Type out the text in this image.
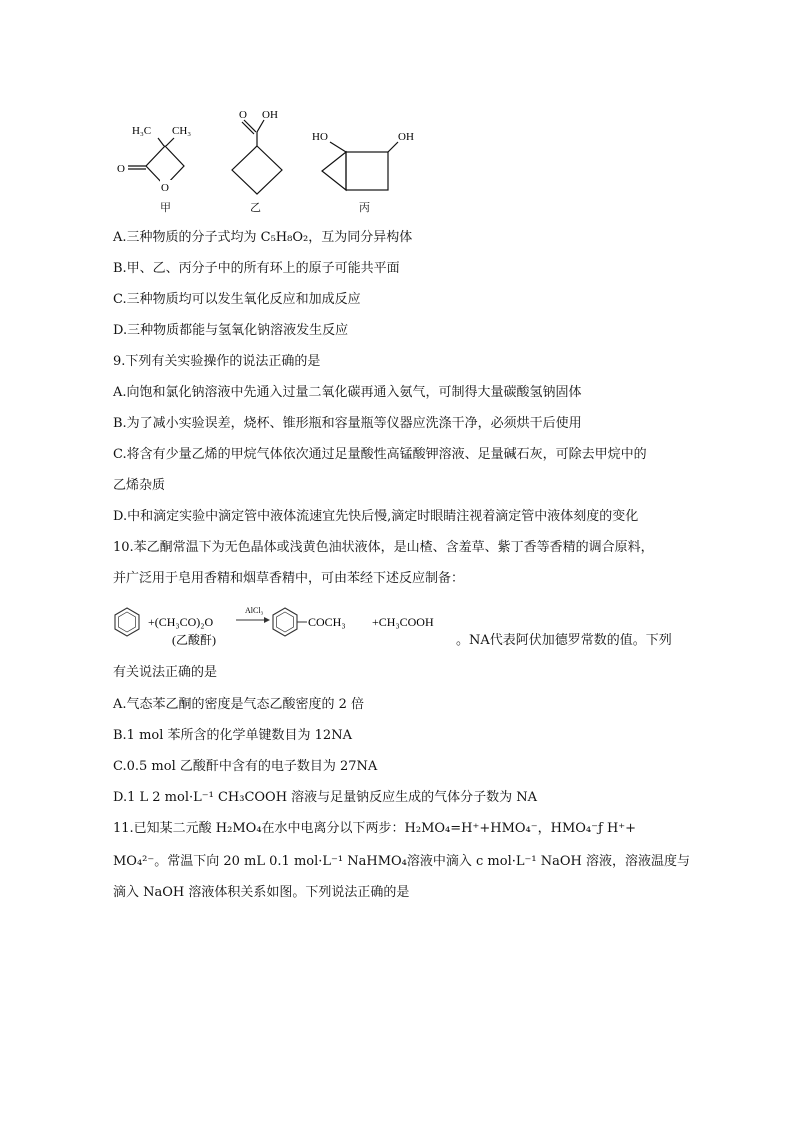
H₃C CH₃
O
O
甲
O OH
乙
HO	OH
丙
A.三种物质的分子式均为 C₅H₈O₂，互为同分异构体
B.甲、乙、丙分子中的所有环上的原子可能共平面
C.三种物质均可以发生氧化反应和加成反应
D.三种物质都能与氢氧化钠溶液发生反应
9.下列有关实验操作的说法正确的是
A.向饱和氯化钠溶液中先通入过量二氧化碳再通入氨气，可制得大量碳酸氢钠固体
B.为了减小实验误差，烧杯、锥形瓶和容量瓶等仪器应洗涤干净，必须烘干后使用
C.将含有少量乙烯的甲烷气体依次通过足量酸性高锰酸钾溶液、足量碱石灰，可除去甲烷中的
乙烯杂质
D.中和滴定实验中滴定管中液体流速宜先快后慢,滴定时眼睛注视着滴定管中液体刻度的变化
10.苯乙酮常温下为无色晶体或浅黄色油状液体，是山楂、含羞草、紫丁香等香精的调合原料，
并广泛用于皂用香精和烟草香精中，可由苯经下述反应制备：
+(CH₃CO)₂O
(乙酸酐)
AlCl₃
COCH₃ +CH₃COOH
。NA代表阿伏加德罗常数的值。下列
有关说法正确的是
A.气态苯乙酮的密度是气态乙酸密度的 2 倍
B.1 mol 苯所含的化学单键数目为 12NA
C.0.5 mol 乙酸酐中含有的电子数目为 27NA
D.1 L 2 mol·L⁻¹ CH₃COOH 溶液与足量钠反应生成的气体分子数为 NA
11.已知某二元酸 H₂MO₄在水中电离分以下两步：H₂MO₄=H⁺+HMO₄⁻，HMO₄⁻ƒ H⁺+
MO₄²⁻。常温下向 20 mL 0.1 mol·L⁻¹ NaHMO₄溶液中滴入 c mol·L⁻¹ NaOH 溶液，溶液温度与
滴入 NaOH 溶液体积关系如图。下列说法正确的是
